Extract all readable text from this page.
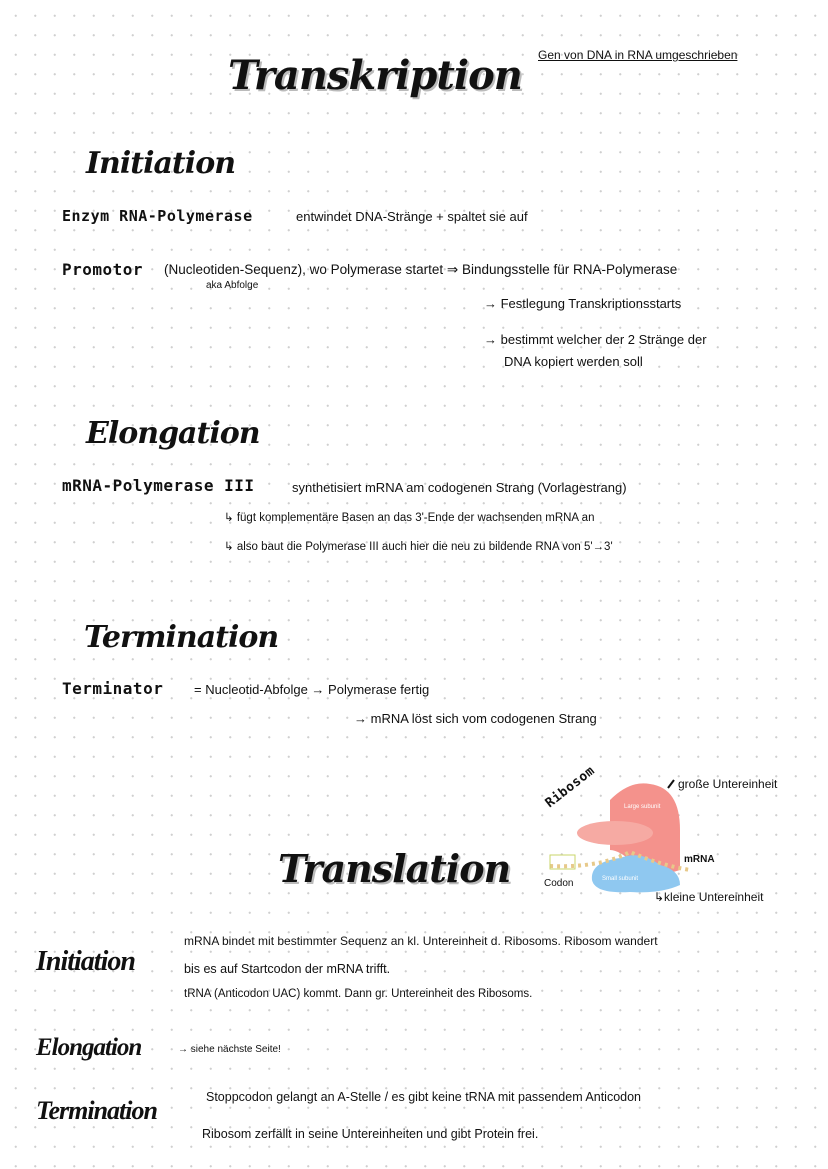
Transkription Gen von DNA in RNA umgeschrieben
Initiation
Enzym RNA-Polymerase	entwindet DNA-Stränge + spaltet sie auf
Promotor (Nucleotiden-Sequenz), wo Polymerase startet ⇒ Bindungsstelle für RNA-Polymerase
aka Abfolge
→ Festlegung Transkriptionsstarts
→ bestimmt welcher der 2 Stränge der
DNA kopiert werden soll
Elongation
mRNA-Polymerase III	synthetisiert mRNA am codogenen Strang (Vorlagestrang)
↳ fügt komplementäre Basen an das 3'-Ende der wachsenden mRNA an
↳ also baut die Polymerase III auch hier die neu zu bildende RNA von 5'→3'
Termination
Terminator = Nucleotid-Abfolge → Polymerase fertig
→ mRNA löst sich vom codogenen Strang
Large subunit
Small subunit
Ribosom	große Untereinheit
mRNA
Codon
↳kleine Untereinheit
Translation
Initiation
mRNA bindet mit bestimmter Sequenz an kl. Untereinheit d. Ribosoms. Ribosom wandert
bis es auf Startcodon der mRNA trifft.
tRNA (Anticodon UAC) kommt. Dann gr. Untereinheit des Ribosoms.
Elongation	→ siehe nächste Seite!
Termination	Stoppcodon gelangt an A-Stelle / es gibt keine tRNA mit passendem Anticodon
Ribosom zerfällt in seine Untereinheiten und gibt Protein frei.
